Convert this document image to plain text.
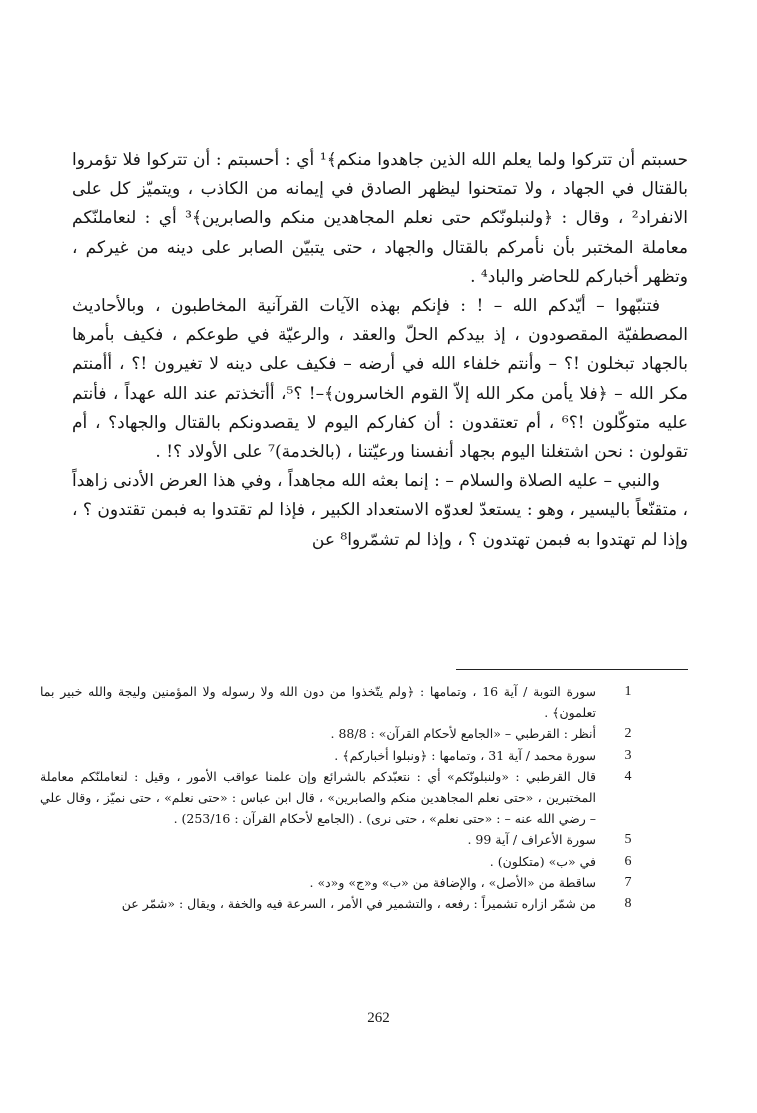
حسبتم أن تتركوا ولما يعلم الله الذين جاهدوا منكم﴾¹ أي : أحسبتم : أن تتركوا فلا تؤمروا بالقتال في الجهاد ، ولا تمتحنوا ليظهر الصادق في إيمانه من الكاذب ، ويتميّز كل على الانفراد² ، وقال : ﴿ولنبلونّكم حتى نعلم المجاهدين منكم والصابرين﴾³ أي : لنعاملنّكم معاملة المختبر بأن نأمركم بالقتال والجهاد ، حتى يتبيّن الصابر على دينه من غيركم ، وتظهر أخباركم للحاضر والباد⁴ .

فتنبّهوا – أيّدكم الله – ! : فإنكم بهذه الآيات القرآنية المخاطبون ، وبالأحاديث المصطفيّة المقصودون ، إذ بيدكم الحلّ والعقد ، والرعيّة في طوعكم ، فكيف بأمرها بالجهاد تبخلون !؟ – وأنتم خلفاء الله في أرضه – فكيف على دينه لا تغيرون !؟ ، أأمنتم مكر الله – ﴿فلا يأمن مكر الله إلاّ القوم الخاسرون﴾–! ؟⁵، أأتخذتم عند الله عهداً ، فأنتم عليه متوكّلون !؟⁶ ، أم تعتقدون : أن كفاركم اليوم لا يقصدونكم بالقتال والجهاد؟ ، أم تقولون : نحن اشتغلنا اليوم بجهاد أنفسنا ورعيّتنا ، (بالخدمة)⁷ على الأولاد ؟! .

والنبي – عليه الصلاة والسلام – : إنما بعثه الله مجاهداً ، وفي هذا العرض الأدنى زاهداً ، متقنّعاً باليسير ، وهو : يستعدّ لعدوّه الاستعداد الكبير ، فإذا لم تقتدوا به فبمن تقتدون ؟ ، وإذا لم تهتدوا به فبمن تهتدون ؟ ، وإذا لم تشمّروا⁸ عن

1
سورة التوبة / آية 16 ، وتمامها : ﴿ولم يتّخذوا من دون الله ولا رسوله ولا المؤمنين وليجة والله خبير بما تعلمون﴾ .
2
أنظر : القرطبي – «الجامع لأحكام القرآن» : 88/8 .
3
سورة محمد / آية 31 ، وتمامها : ﴿ونبلوا أخباركم﴾ .
4
قال القرطبي : «ولنبلونّكم» أي : نتعبّدكم بالشرائع وإن علمنا عواقب الأمور ، وقيل : لنعاملنّكم معاملة المختبرين ، «حتى نعلم المجاهدين منكم والصابرين» ، قال ابن عباس : «حتى نعلم» ، حتى نميّز ، وقال علي – رضي الله عنه – : «حتى نعلم» ، حتى نرى) . (الجامع لأحكام القرآن : 253/16) .
5
سورة الأعراف / آية 99 .
6
في «ب» (متكلون) .
7
ساقطة من «الأصل» ، والإضافة من «ب» و«ج» و«د» .
8
من شمّر ازاره تشميراً : رفعه ، والتشمير في الأمر ، السرعة فيه والخفة ، ويقال : «شمّر عن
262
